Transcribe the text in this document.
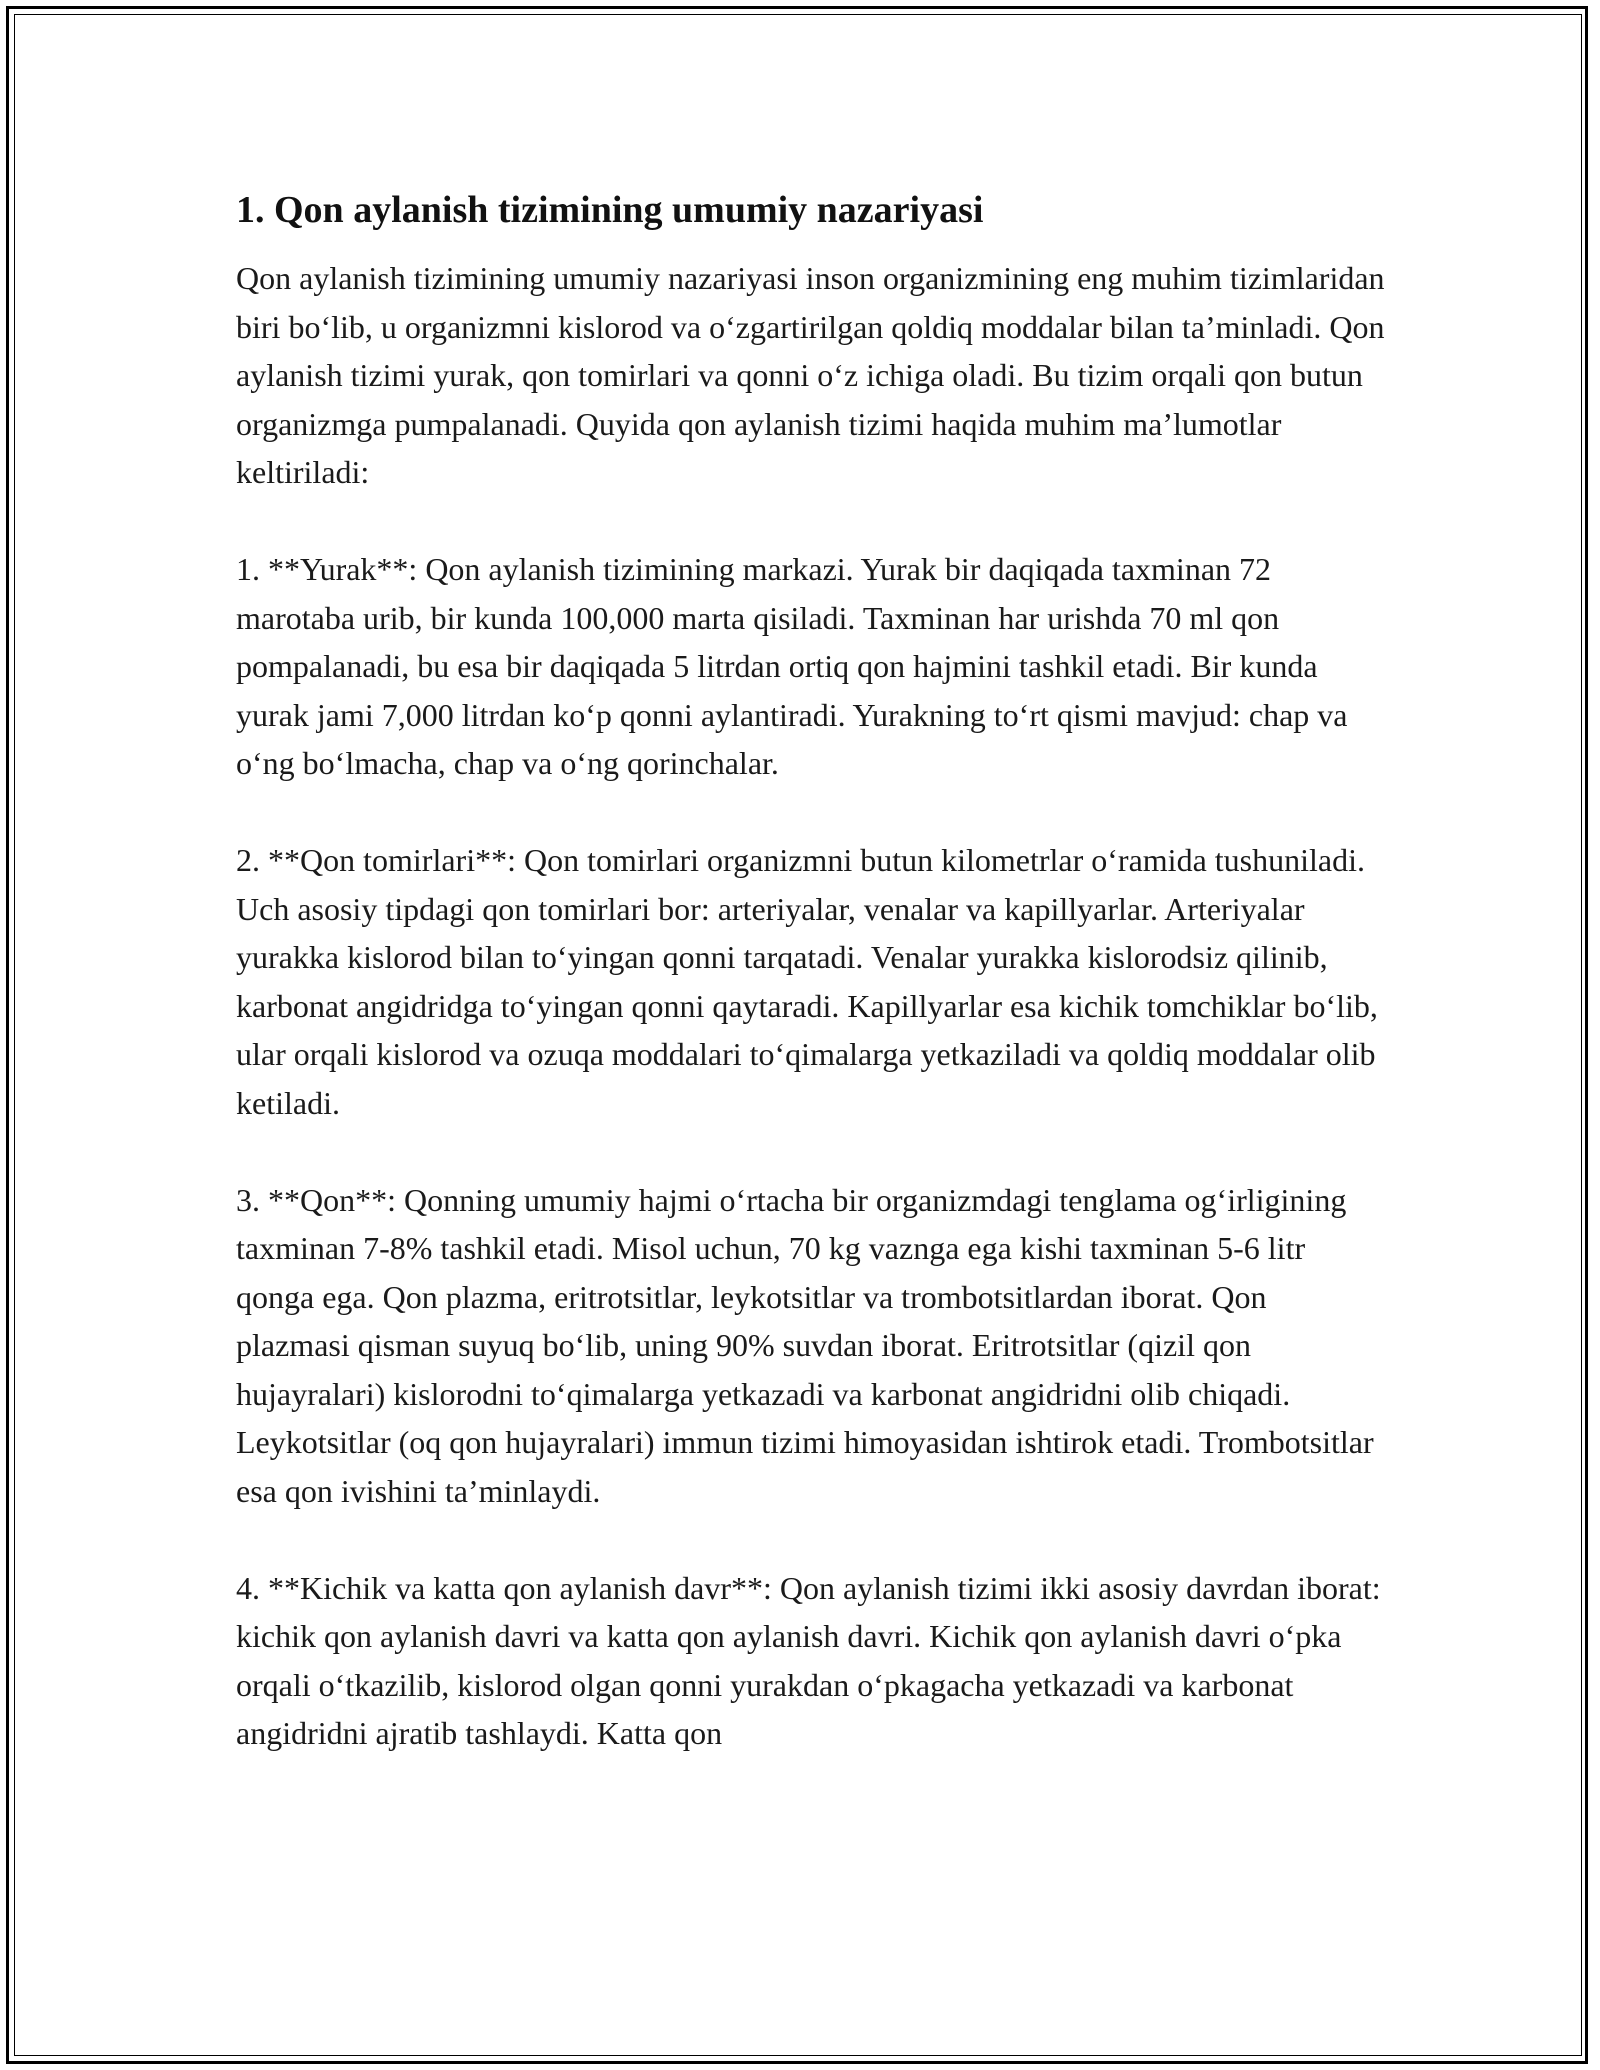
1. Qon aylanish tizimining umumiy nazariyasi

Qon aylanish tizimining umumiy nazariyasi inson organizmining eng muhim tizimlaridan biri bo‘lib, u organizmni kislorod va o‘zgartirilgan qoldiq moddalar bilan ta’minladi. Qon aylanish tizimi yurak, qon tomirlari va qonni o‘z ichiga oladi. Bu tizim orqali qon butun organizmga pumpalanadi. Quyida qon aylanish tizimi haqida muhim ma’lumotlar keltiriladi:

1. **Yurak**: Qon aylanish tizimining markazi. Yurak bir daqiqada taxminan 72 marotaba urib, bir kunda 100,000 marta qisiladi. Taxminan har urishda 70 ml qon pompalanadi, bu esa bir daqiqada 5 litrdan ortiq qon hajmini tashkil etadi. Bir kunda yurak jami 7,000 litrdan ko‘p qonni aylantiradi. Yurakning to‘rt qismi mavjud: chap va o‘ng bo‘lmacha, chap va o‘ng qorinchalar.

2. **Qon tomirlari**: Qon tomirlari organizmni butun kilometrlar o‘ramida tushuniladi. Uch asosiy tipdagi qon tomirlari bor: arteriyalar, venalar va kapillyarlar. Arteriyalar yurakka kislorod bilan to‘yingan qonni tarqatadi. Venalar yurakka kislorodsiz qilinib, karbonat angidridga to‘yingan qonni qaytaradi. Kapillyarlar esa kichik tomchiklar bo‘lib, ular orqali kislorod va ozuqa moddalari to‘qimalarga yetkaziladi va qoldiq moddalar olib ketiladi.

3. **Qon**: Qonning umumiy hajmi o‘rtacha bir organizmdagi tenglama og‘irligining taxminan 7-8% tashkil etadi. Misol uchun, 70 kg vaznga ega kishi taxminan 5-6 litr qonga ega. Qon plazma, eritrotsitlar, leykotsitlar va trombotsitlardan iborat. Qon plazmasi qisman suyuq bo‘lib, uning 90% suvdan iborat. Eritrotsitlar (qizil qon hujayralari) kislorodni to‘qimalarga yetkazadi va karbonat angidridni olib chiqadi. Leykotsitlar (oq qon hujayralari) immun tizimi himoyasidan ishtirok etadi. Trombotsitlar esa qon ivishini ta’minlaydi.

4. **Kichik va katta qon aylanish davr**: Qon aylanish tizimi ikki asosiy davrdan iborat: kichik qon aylanish davri va katta qon aylanish davri. Kichik qon aylanish davri o‘pka orqali o‘tkazilib, kislorod olgan qonni yurakdan o‘pkagacha yetkazadi va karbonat angidridni ajratib tashlaydi. Katta qon
